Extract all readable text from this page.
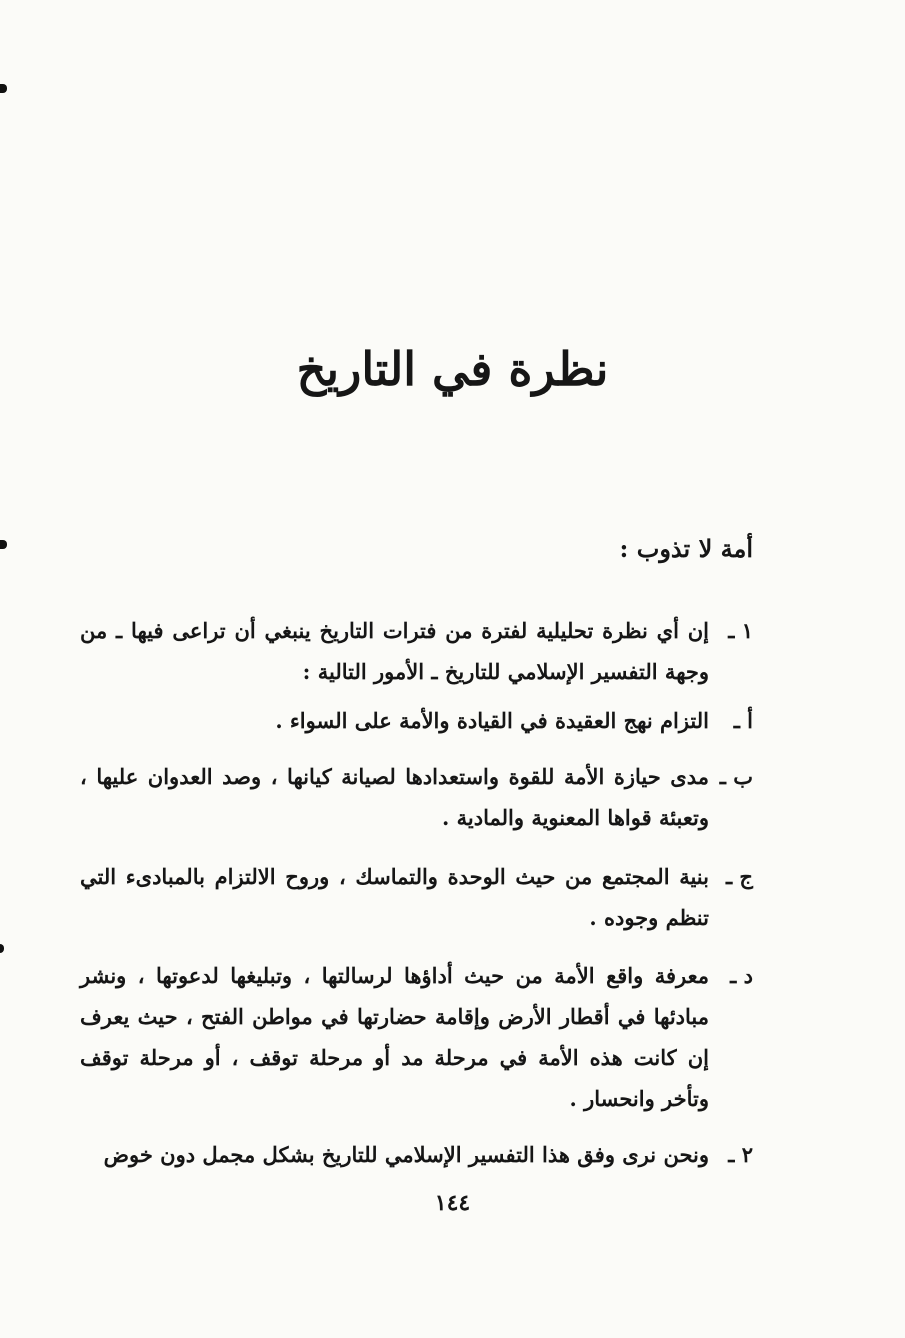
نظرة في التاريخ
أمة لا تذوب :
١ ـ
إن أي نظرة تحليلية لفترة من فترات التاريخ ينبغي أن تراعى فيها ـ من وجهة التفسير الإسلامي للتاريخ ـ الأمور التالية :
أ ـ
التزام نهج العقيدة في القيادة والأمة على السواء .
ب ـ
مدى حيازة الأمة للقوة واستعدادها لصيانة كيانها ، وصد العدوان عليها ، وتعبئة قواها المعنوية والمادية .
ج ـ
بنية المجتمع من حيث الوحدة والتماسك ، وروح الالتزام بالمبادىء التي تنظم وجوده .
د ـ
معرفة واقع الأمة من حيث أداؤها لرسالتها ، وتبليغها لدعوتها ، ونشر مبادئها في أقطار الأرض وإقامة حضارتها في مواطن الفتح ، حيث يعرف إن كانت هذه الأمة في مرحلة مد أو مرحلة توقف ، أو مرحلة توقف وتأخر وانحسار .
٢ ـ
ونحن نرى وفق هذا التفسير الإسلامي للتاريخ بشكل مجمل دون خوض
١٤٤
